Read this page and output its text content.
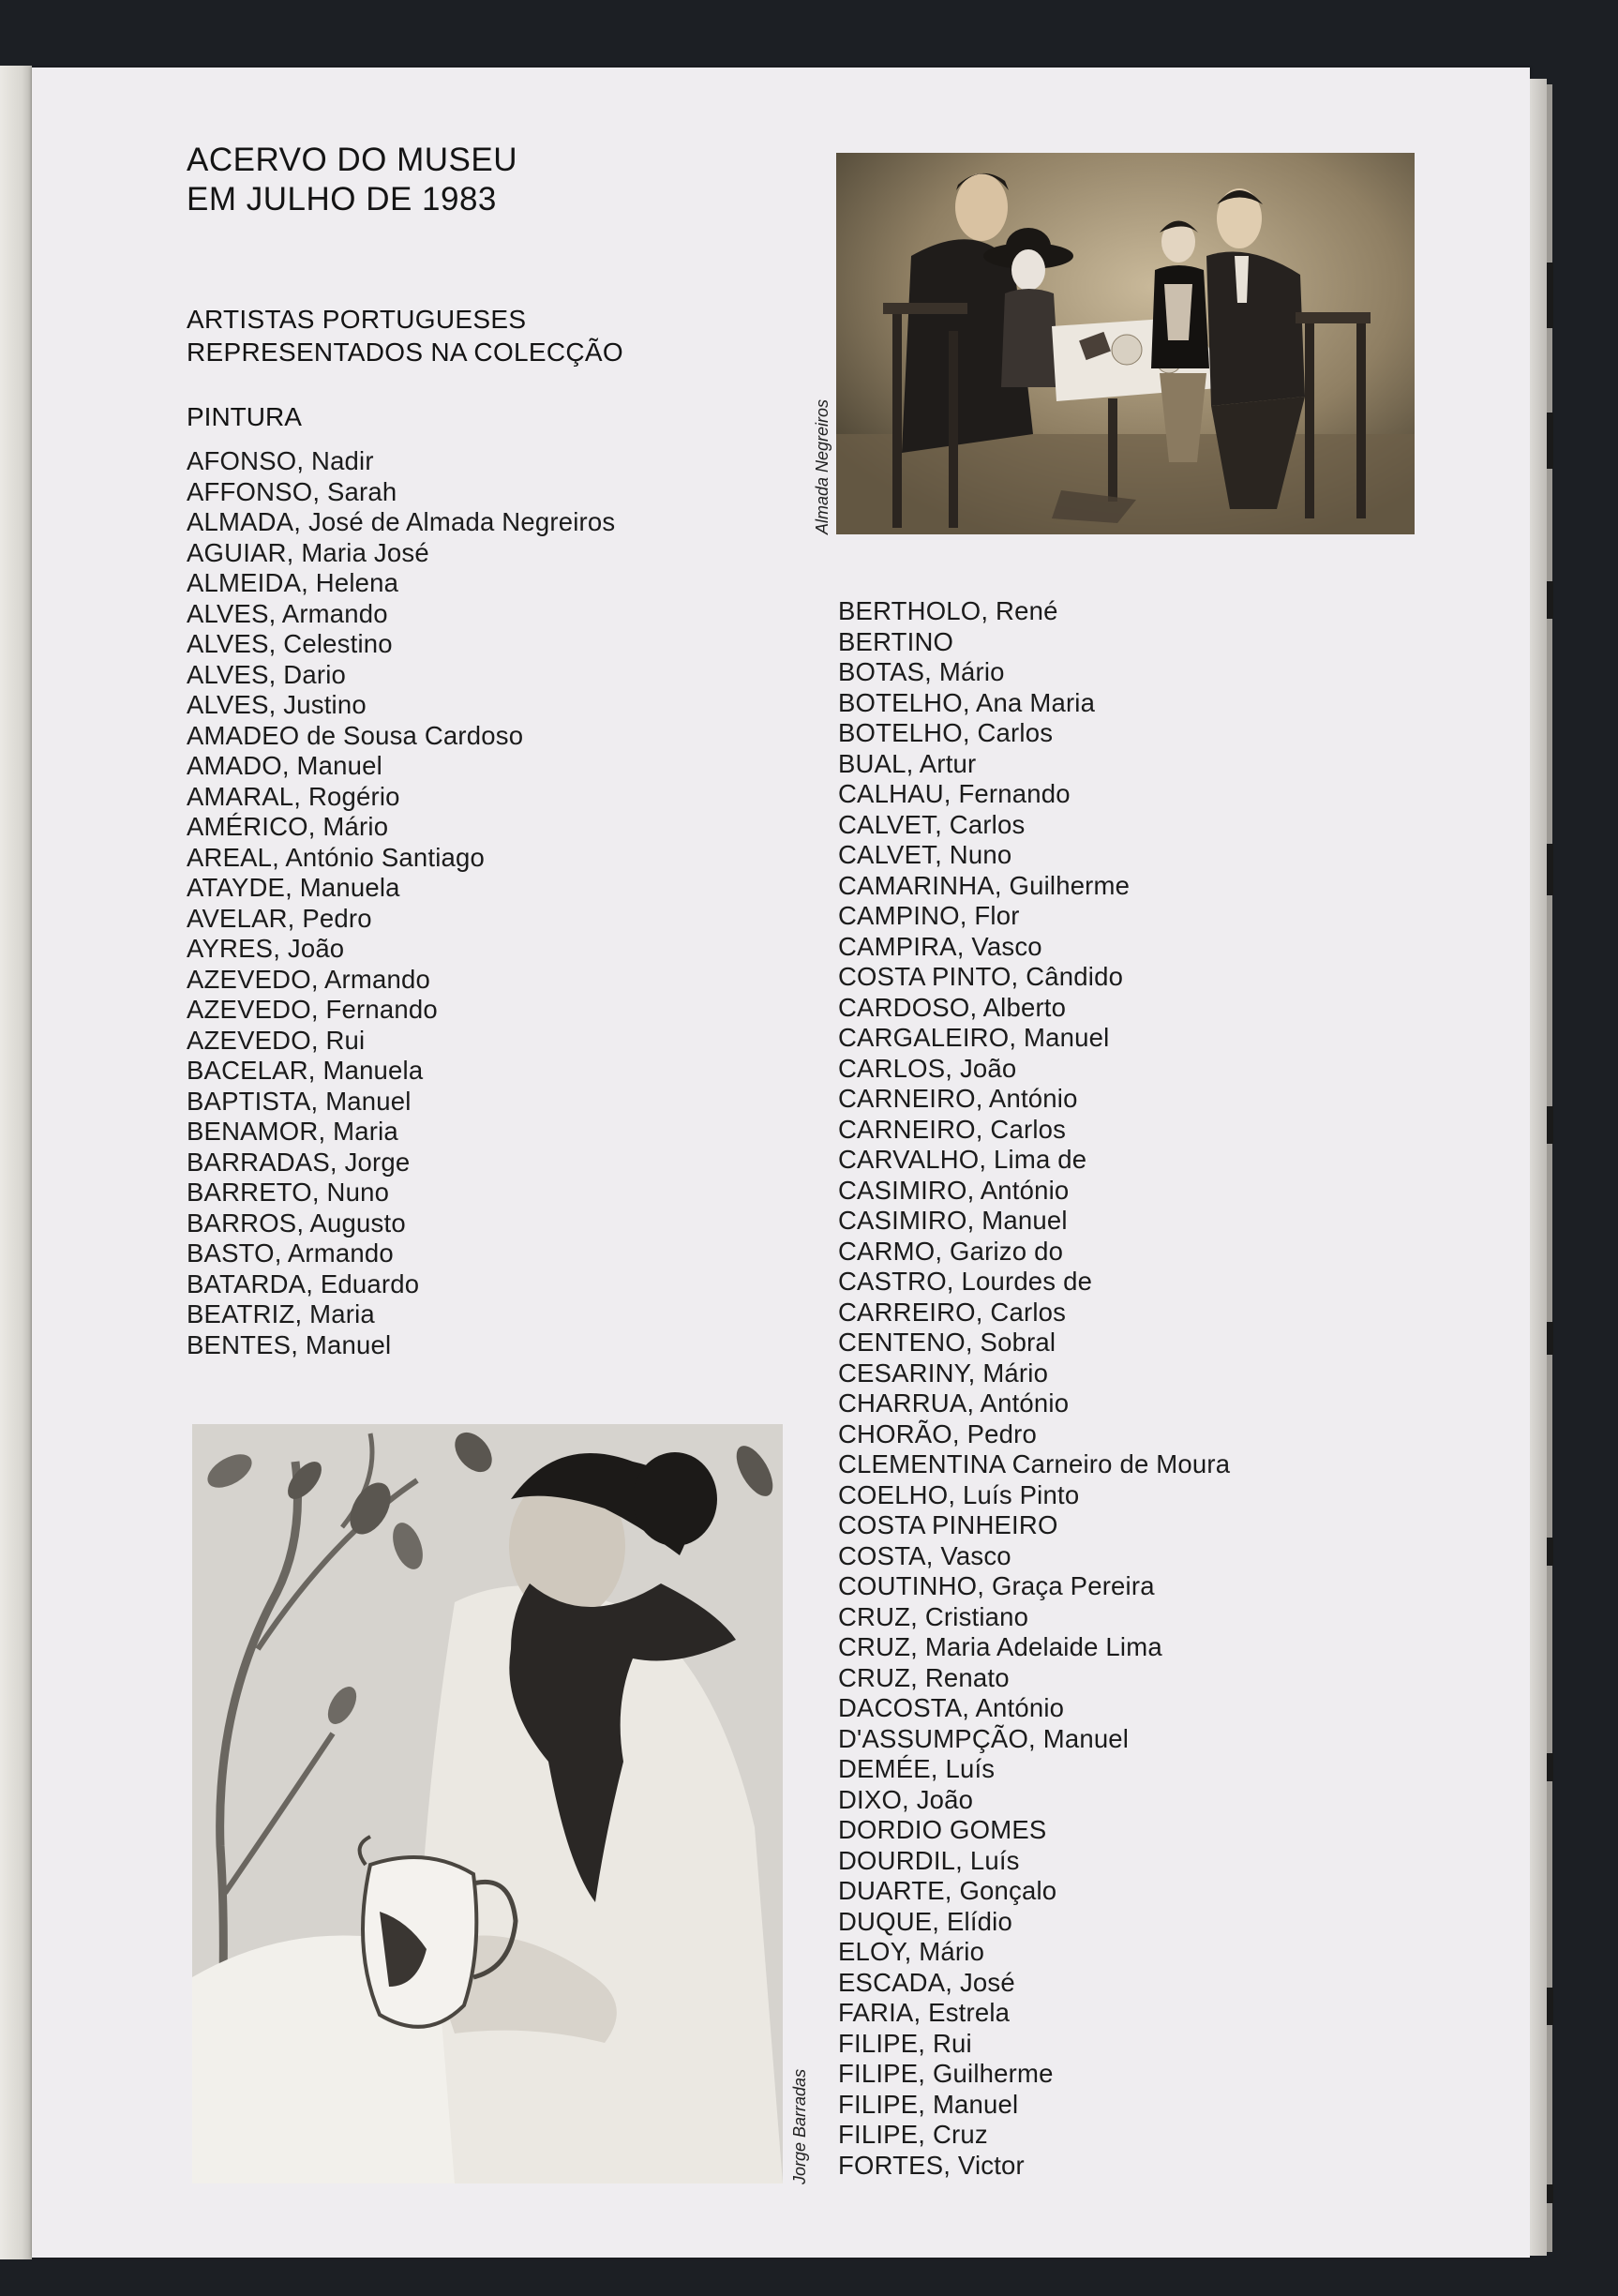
ACERVO DO MUSEU
EM JULHO DE 1983
ARTISTAS PORTUGUESES
REPRESENTADOS NA COLECÇÃO
PINTURA
AFONSO, Nadir
AFFONSO, Sarah
ALMADA, José de Almada Negreiros
AGUIAR, Maria José
ALMEIDA, Helena
ALVES, Armando
ALVES, Celestino
ALVES, Dario
ALVES, Justino
AMADEO de Sousa Cardoso
AMADO, Manuel
AMARAL, Rogério
AMÉRICO, Mário
AREAL, António Santiago
ATAYDE, Manuela
AVELAR, Pedro
AYRES, João
AZEVEDO, Armando
AZEVEDO, Fernando
AZEVEDO, Rui
BACELAR, Manuela
BAPTISTA, Manuel
BENAMOR, Maria
BARRADAS, Jorge
BARRETO, Nuno
BARROS, Augusto
BASTO, Armando
BATARDA, Eduardo
BEATRIZ, Maria
BENTES, Manuel
BERTHOLO, René
BERTINO
BOTAS, Mário
BOTELHO, Ana Maria
BOTELHO, Carlos
BUAL, Artur
CALHAU, Fernando
CALVET, Carlos
CALVET, Nuno
CAMARINHA, Guilherme
CAMPINO, Flor
CAMPIRA, Vasco
COSTA PINTO, Cândido
CARDOSO, Alberto
CARGALEIRO, Manuel
CARLOS, João
CARNEIRO, António
CARNEIRO, Carlos
CARVALHO, Lima de
CASIMIRO, António
CASIMIRO, Manuel
CARMO, Garizo do
CASTRO, Lourdes de
CARREIRO, Carlos
CENTENO, Sobral
CESARINY, Mário
CHARRUA, António
CHORÃO, Pedro
CLEMENTINA Carneiro de Moura
COELHO, Luís Pinto
COSTA PINHEIRO
COSTA, Vasco
COUTINHO, Graça Pereira
CRUZ, Cristiano
CRUZ, Maria Adelaide Lima
CRUZ, Renato
DACOSTA, António
D'ASSUMPÇÃO, Manuel
DEMÉE, Luís
DIXO, João
DORDIO GOMES
DOURDIL, Luís
DUARTE, Gonçalo
DUQUE, Elídio
ELOY, Mário
ESCADA, José
FARIA, Estrela
FILIPE, Rui
FILIPE, Guilherme
FILIPE, Manuel
FILIPE, Cruz
FORTES, Victor
Almada Negreiros
Jorge Barradas
